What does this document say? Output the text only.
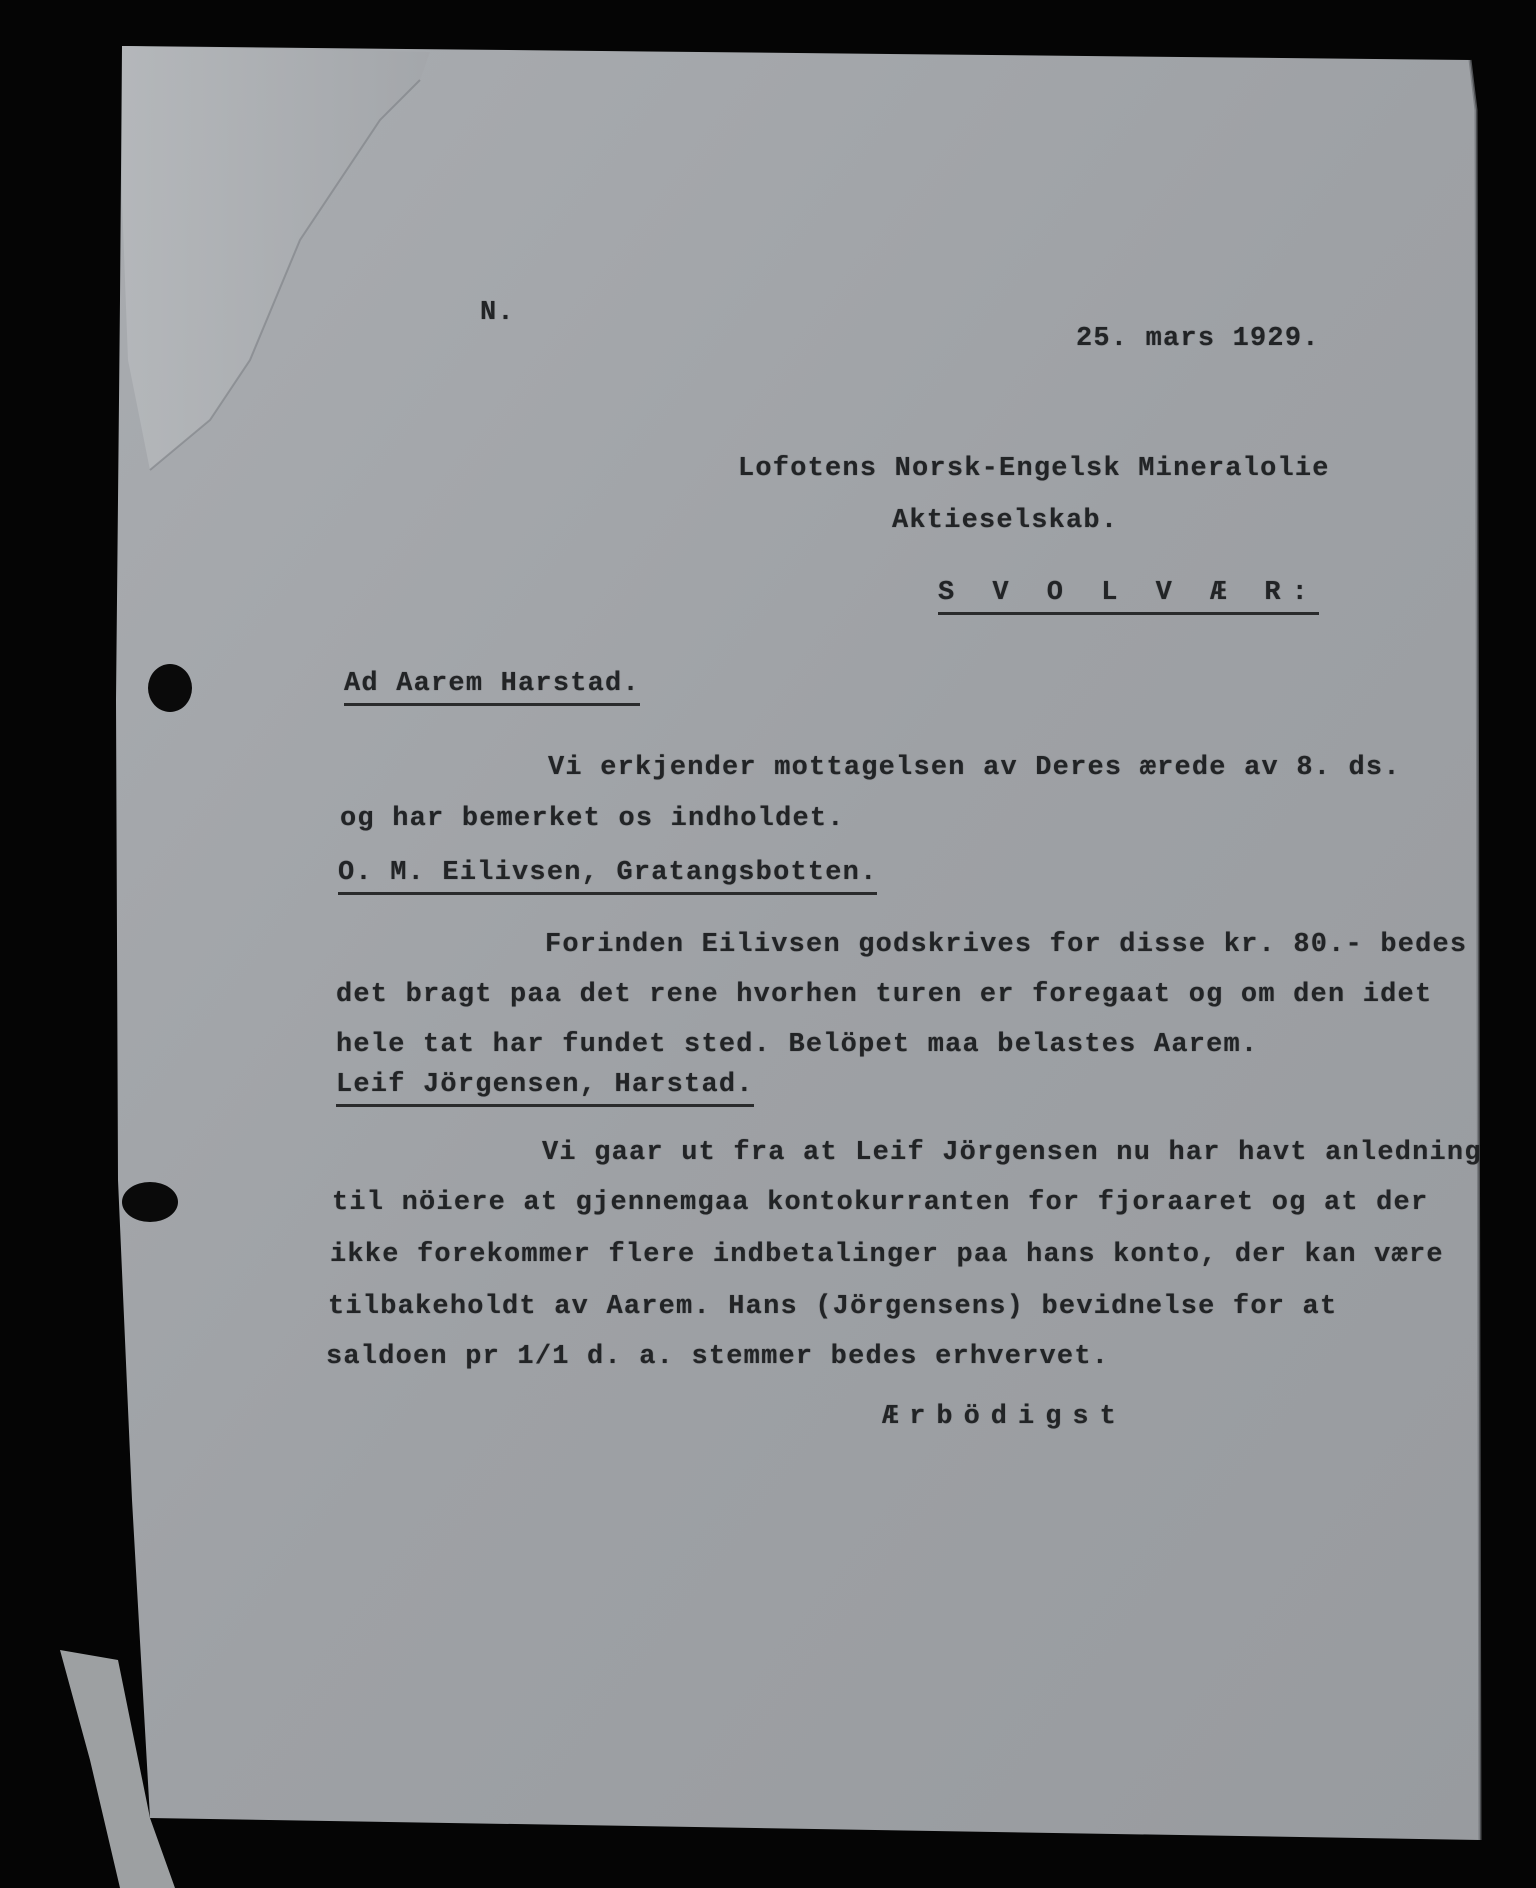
N.
25. mars 1929.
Lofotens Norsk-Engelsk Mineralolie
Aktieselskab.
S V O L V Æ R:
Ad Aarem Harstad.
Vi erkjender mottagelsen av Deres ærede av 8. ds.
og har bemerket os indholdet.
O. M. Eilivsen, Gratangsbotten.
Forinden Eilivsen godskrives for disse kr. 80.- bedes
det bragt paa det rene hvorhen turen er foregaat og om den idet
hele tat har fundet sted. Belöpet maa belastes Aarem.
Leif Jörgensen, Harstad.
Vi gaar ut fra at Leif Jörgensen nu har havt anledning
til nöiere at gjennemgaa kontokurranten for fjoraaret og at der
ikke forekommer flere indbetalinger paa hans konto, der kan være
tilbakeholdt av Aarem. Hans (Jörgensens) bevidnelse for at
saldoen pr 1/1 d. a. stemmer bedes erhvervet.
Ærbödigst
